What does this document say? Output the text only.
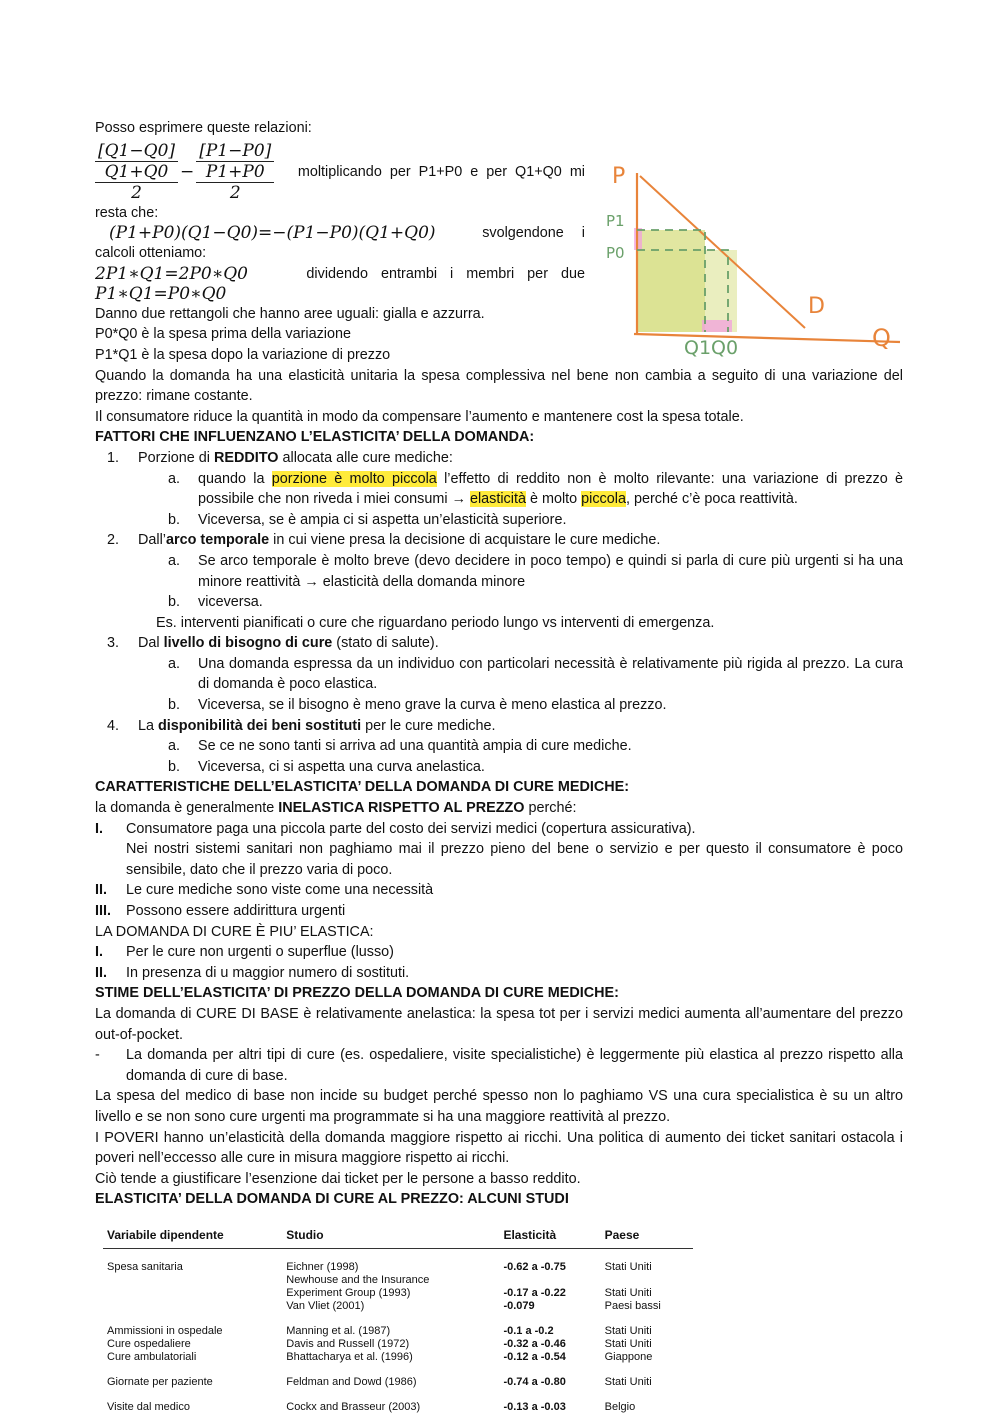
P
P1
P0
D
Q
Q1Q0

Posso esprimere queste relazioni:

[Q1−Q0]
Q1+Q0
2
−
[P1−P0]
P1+P0
2
moltiplicando per P1+P0 e per Q1+Q0 mi

resta che:

(P1+P0)(Q1−Q0)=−(P1−P0)(Q1+Q0)	svolgendone i

calcoli otteniamo:

2P1∗Q1=2P0∗Q0	dividendo entrambi i membri per due

P1∗Q1=P0∗Q0

Danno due rettangoli che hanno aree uguali: gialla e azzurra.

P0*Q0 è la spesa prima della variazione

P1*Q1 è la spesa dopo la variazione di prezzo

Quando la domanda ha una elasticità unitaria la spesa complessiva nel bene non cambia a seguito di una variazione del prezzo: rimane costante.

Il consumatore riduce la quantità in modo da compensare l’aumento e mantenere cost la spesa totale.

FATTORI CHE INFLUENZANO L’ELASTICITA’ DELLA DOMANDA:

1. Porzione di REDDITO allocata alle cure mediche:
a. quando la porzione è molto piccola l’effetto di reddito non è molto rilevante: una variazione di prezzo è possibile che non riveda i miei consumi → elasticità è molto piccola, perché c’è poca reattività.
b. Viceversa, se è ampia ci si aspetta un’elasticità superiore.
2. Dall’arco temporale in cui viene presa la decisione di acquistare le cure mediche.
a. Se arco temporale è molto breve (devo decidere in poco tempo) e quindi si parla di cure più urgenti si ha una minore reattività → elasticità della domanda minore
b. viceversa.
Es. interventi pianificati o cure che riguardano periodo lungo vs interventi di emergenza.
3. Dal livello di bisogno di cure (stato di salute).
a. Una domanda espressa da un individuo con particolari necessità è relativamente più rigida al prezzo. La cura di domanda è poco elastica.
b. Viceversa, se il bisogno è meno grave la curva è meno elastica al prezzo.
4. La disponibilità dei beni sostituti per le cure mediche.
a. Se ce ne sono tanti si arriva ad una quantità ampia di cure mediche.
b. Viceversa, ci si aspetta una curva anelastica.

CARATTERISTICHE DELL’ELASTICITA’ DELLA DOMANDA DI CURE MEDICHE:

la domanda è generalmente INELASTICA RISPETTO AL PREZZO perché:

I. Consumatore paga una piccola parte del costo dei servizi medici (copertura assicurativa).
Nei nostri sistemi sanitari non paghiamo mai il prezzo pieno del bene o servizio e per questo il consumatore è poco sensibile, dato che il prezzo varia di poco.
II. Le cure mediche sono viste come una necessità
III. Possono essere addirittura urgenti

LA DOMANDA DI CURE È PIU’ ELASTICA:

I. Per le cure non urgenti o superflue (lusso)
II. In presenza di u maggior numero di sostituti.

STIME DELL’ELASTICITA’ DI PREZZO DELLA DOMANDA DI CURE MEDICHE:

La domanda di CURE DI BASE è relativamente anelastica: la spesa tot per i servizi medici aumenta all’aumentare del prezzo out-of-pocket.

- La domanda per altri tipi di cure (es. ospedaliere, visite specialistiche) è leggermente più elastica al prezzo rispetto alla domanda di cure di base.

La spesa del medico di base non incide su budget perché spesso non lo paghiamo VS una cura specialistica è su un altro livello e se non sono cure urgenti ma programmate si ha una maggiore reattività al prezzo.

I POVERI hanno un’elasticità della domanda maggiore rispetto ai ricchi. Una politica di aumento dei ticket sanitari ostacola i poveri nell’eccesso alle cure in misura maggiore rispetto ai ricchi.

Ciò tende a giustificare l’esenzione dai ticket per le persone a basso reddito.

ELASTICITA’ DELLA DOMANDA DI CURE AL PREZZO: ALCUNI STUDI

Variabile dipendente	Studio	Elasticità	Paese
Spesa sanitaria	Eichner (1998)	-0.62 a -0.75	Stati Uniti
	Newhouse and the Insurance		
	Experiment Group (1993)	-0.17 a -0.22	Stati Uniti
	Van Vliet (2001)	-0.079	Paesi bassi
Ammissioni in ospedale	Manning et al. (1987)	-0.1 a -0.2	Stati Uniti
Cure ospedaliere	Davis and Russell (1972)	-0.32 a -0.46	Stati Uniti
Cure ambulatoriali	Bhattacharya et al. (1996)	-0.12 a -0.54	Giappone
Giornate per paziente	Feldman and Dowd (1986)	-0.74 a -0.80	Stati Uniti
Visite dal medico	Cockx and Brasseur (2003)	-0.13 a -0.03	Belgio
